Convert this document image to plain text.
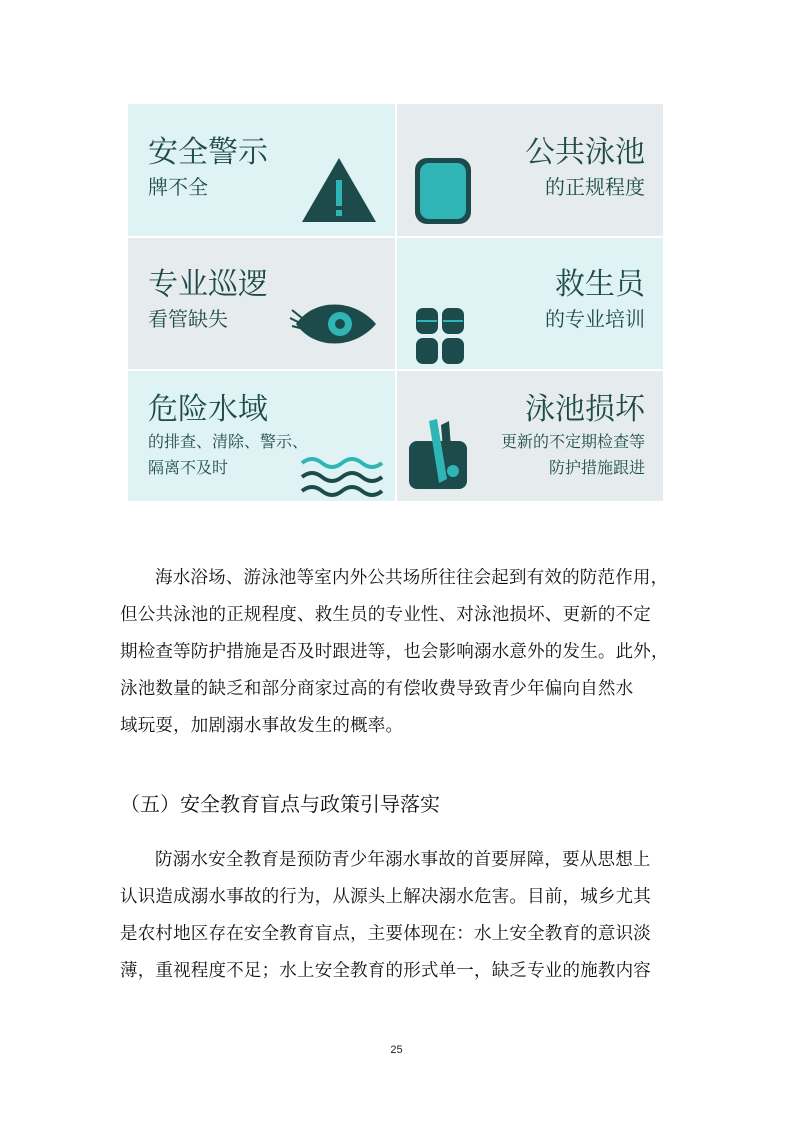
安全警示
牌不全
公共泳池
的正规程度
专业巡逻
看管缺失
救生员
的专业培训
危险水域
的排查、清除、警示、
隔离不及时
泳池损坏
更新的不定期检查等
防护措施跟进
海水浴场、游泳池等室内外公共场所往往会起到有效的防范作用，
但公共泳池的正规程度、救生员的专业性、对泳池损坏、更新的不定
期检查等防护措施是否及时跟进等，也会影响溺水意外的发生。此外，
泳池数量的缺乏和部分商家过高的有偿收费导致青少年偏向自然水
域玩耍，加剧溺水事故发生的概率。
（五）安全教育盲点与政策引导落实
防溺水安全教育是预防青少年溺水事故的首要屏障，要从思想上
认识造成溺水事故的行为，从源头上解决溺水危害。目前，城乡尤其
是农村地区存在安全教育盲点，主要体现在：水上安全教育的意识淡
薄，重视程度不足；水上安全教育的形式单一，缺乏专业的施教内容
25
